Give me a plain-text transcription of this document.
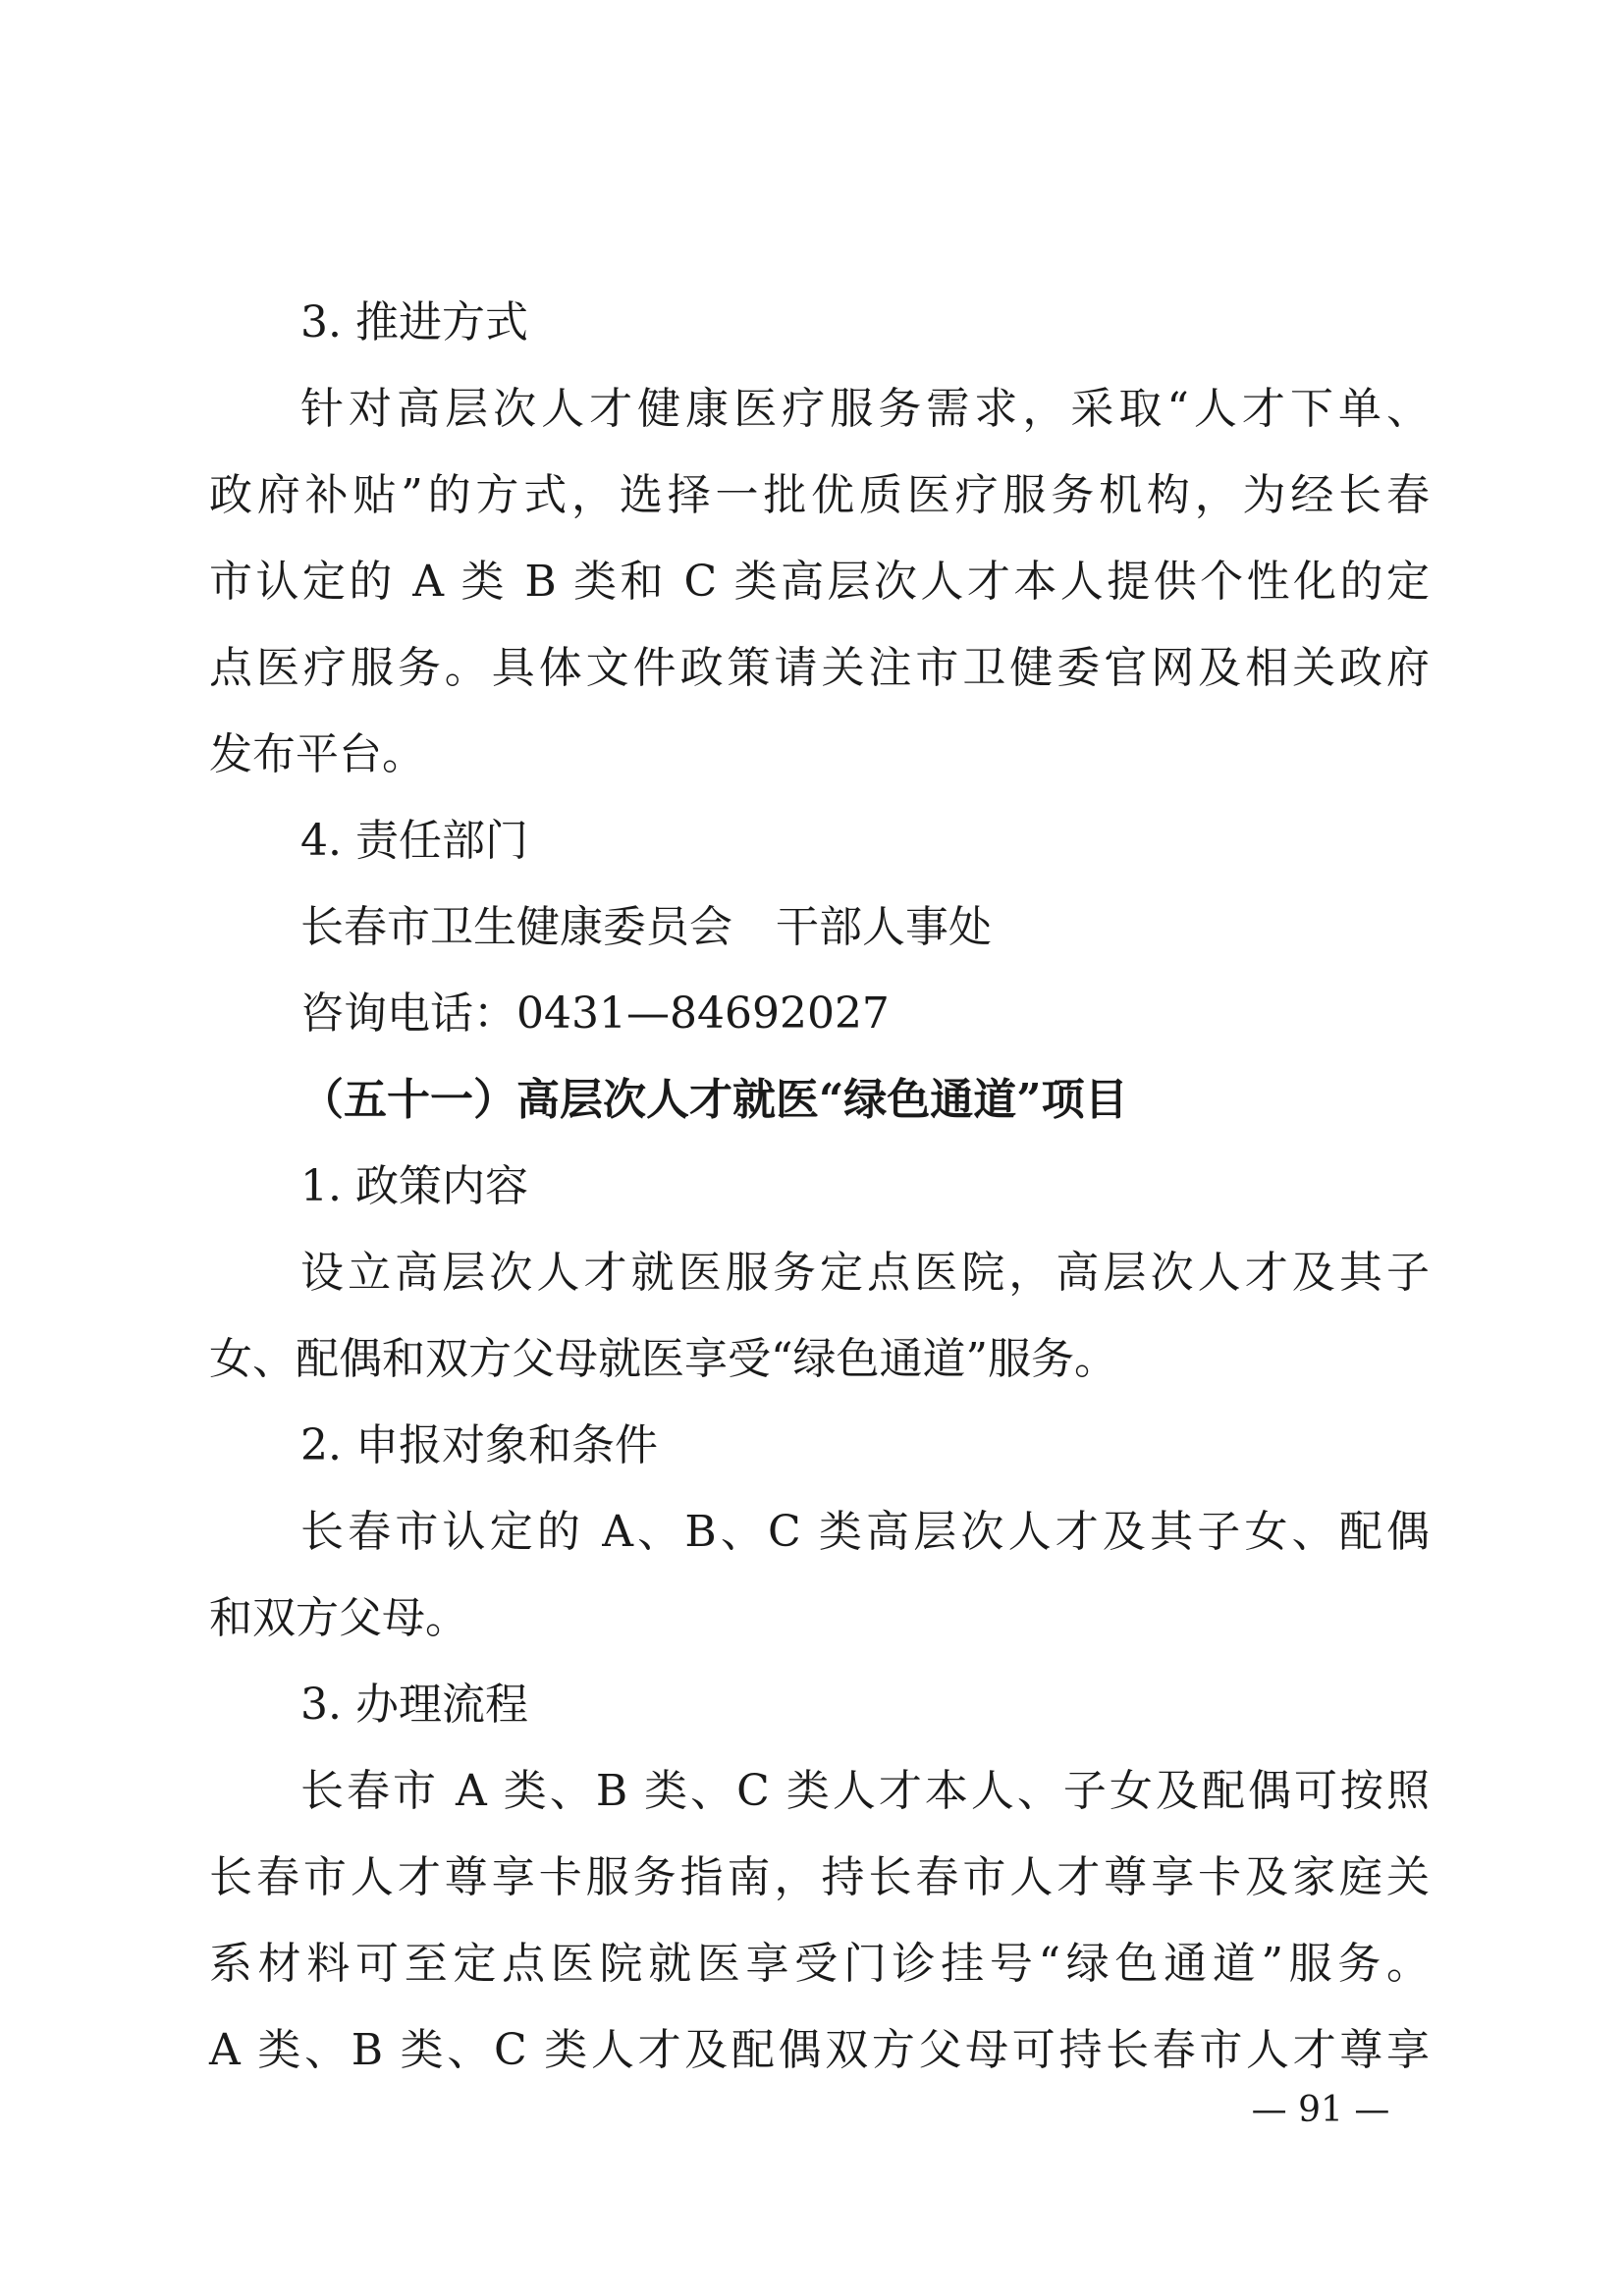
3. 推进方式
针对高层次人才健康医疗服务需求，采取“人才下单、
政府补贴”的方式，选择一批优质医疗服务机构，为经长春
市认定的 A 类 B 类和 C 类高层次人才本人提供个性化的定
点医疗服务。具体文件政策请关注市卫健委官网及相关政府
发布平台。
4. 责任部门
长春市卫生健康委员会　干部人事处
咨询电话：0431—84692027
（五十一）高层次人才就医“绿色通道”项目
1. 政策内容
设立高层次人才就医服务定点医院，高层次人才及其子
女、配偶和双方父母就医享受“绿色通道”服务。
2. 申报对象和条件
长春市认定的 A、B、C 类高层次人才及其子女、配偶
和双方父母。
3. 办理流程
长春市 A 类、B 类、C 类人才本人、子女及配偶可按照
长春市人才尊享卡服务指南，持长春市人才尊享卡及家庭关
系材料可至定点医院就医享受门诊挂号“绿色通道”服务。
A 类、B 类、C 类人才及配偶双方父母可持长春市人才尊享
— 91 —
